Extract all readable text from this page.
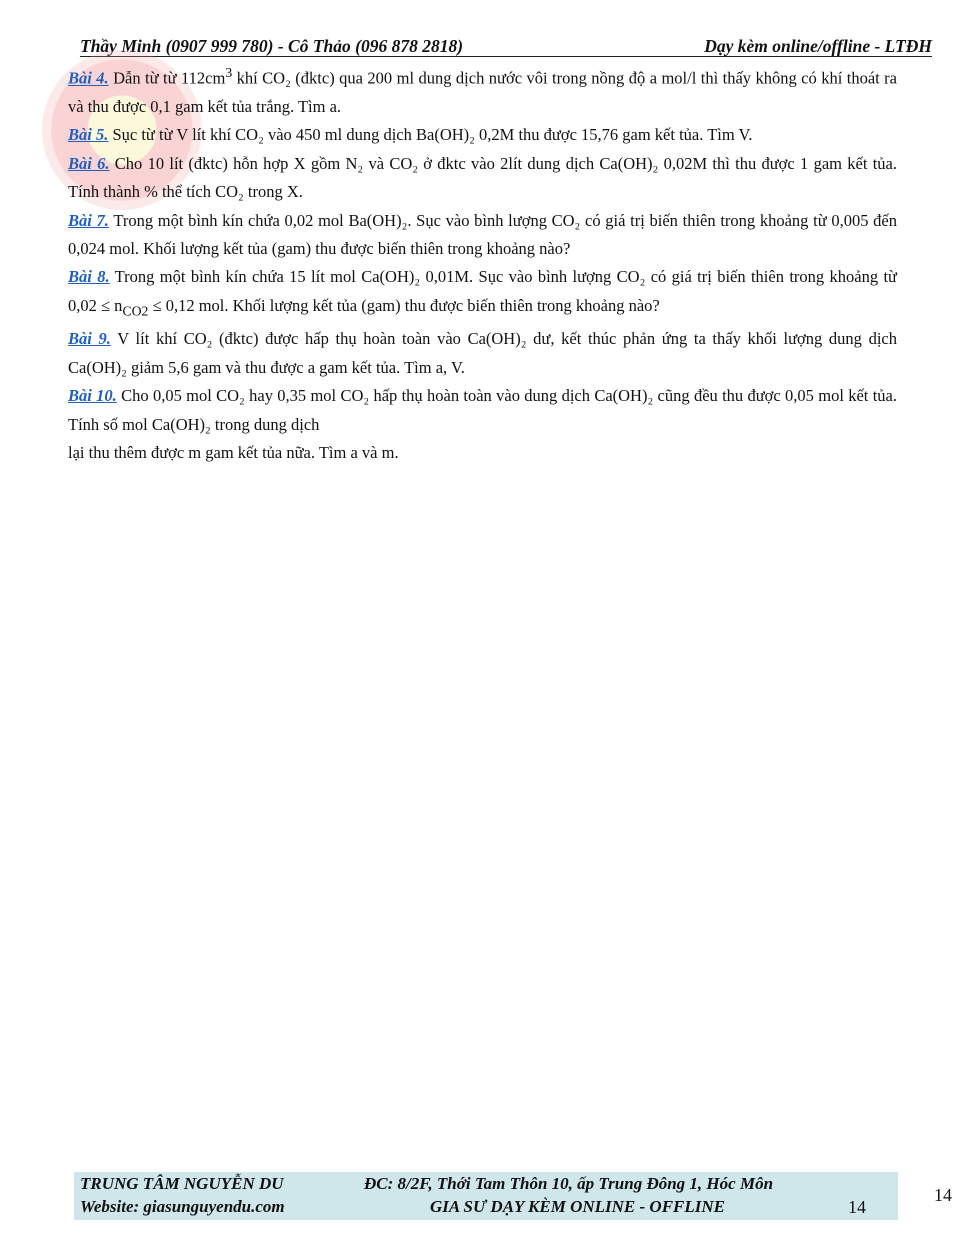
Thầy Minh (0907 999 780) - Cô Thảo (096 878 2818)	Dạy kèm online/offline - LTĐH

Bài 4. Dẫn từ từ $112cm^3$ khí CO₂ (đktc) qua 200 ml dung dịch nước vôi trong nồng độ a mol/l thì thấy không có khí thoát ra và thu được 0,1 gam kết tủa trắng. Tìm a.

Bài 5. Sục từ từ V lít khí CO₂ vào 450 ml dung dịch Ba(OH)₂ 0,2M thu được 15,76 gam kết tủa. Tìm V.

Bài 6. Cho 10 lít (đktc) hỗn hợp X gồm N₂ và CO₂ ở đktc vào 2lít dung dịch Ca(OH)₂ 0,02M thì thu được 1 gam kết tủa. Tính thành % thể tích CO₂ trong X.

Bài 7. Trong một bình kín chứa 0,02 mol Ba(OH)₂. Sục vào bình lượng CO₂ có giá trị biến thiên trong khoảng từ 0,005 đến 0,024 mol. Khối lượng kết tủa (gam) thu được biến thiên trong khoảng nào?

Bài 8. Trong một bình kín chứa 15 lít mol Ca(OH)₂ 0,01M. Sục vào bình lượng CO₂ có giá trị biến thiên trong khoảng từ $0,02 \le n_{CO2} \le 0,12$ mol. Khối lượng kết tủa (gam) thu được biến thiên trong khoảng nào?

Bài 9. V lít khí CO₂ (đktc) được hấp thụ hoàn toàn vào Ca(OH)₂ dư, kết thúc phản ứng ta thấy khối lượng dung dịch Ca(OH)₂ giảm 5,6 gam và thu được a gam kết tủa. Tìm a, V.

Bài 10. Cho 0,05 mol CO₂ hay 0,35 mol CO₂ hấp thụ hoàn toàn vào dung dịch Ca(OH)₂ cũng đều thu được 0,05 mol kết tủa. Tính số mol Ca(OH)₂ trong dung dịch

lại thu thêm được m gam kết tủa nữa. Tìm a và m.

TRUNG TÂM NGUYỄN DU	ĐC: 8/2F, Thới Tam Thôn 10, ấp Trung Đông 1, Hóc Môn
Website: giasunguyendu.com	GIA SƯ DẠY KÈM ONLINE - OFFLINE	14
14
